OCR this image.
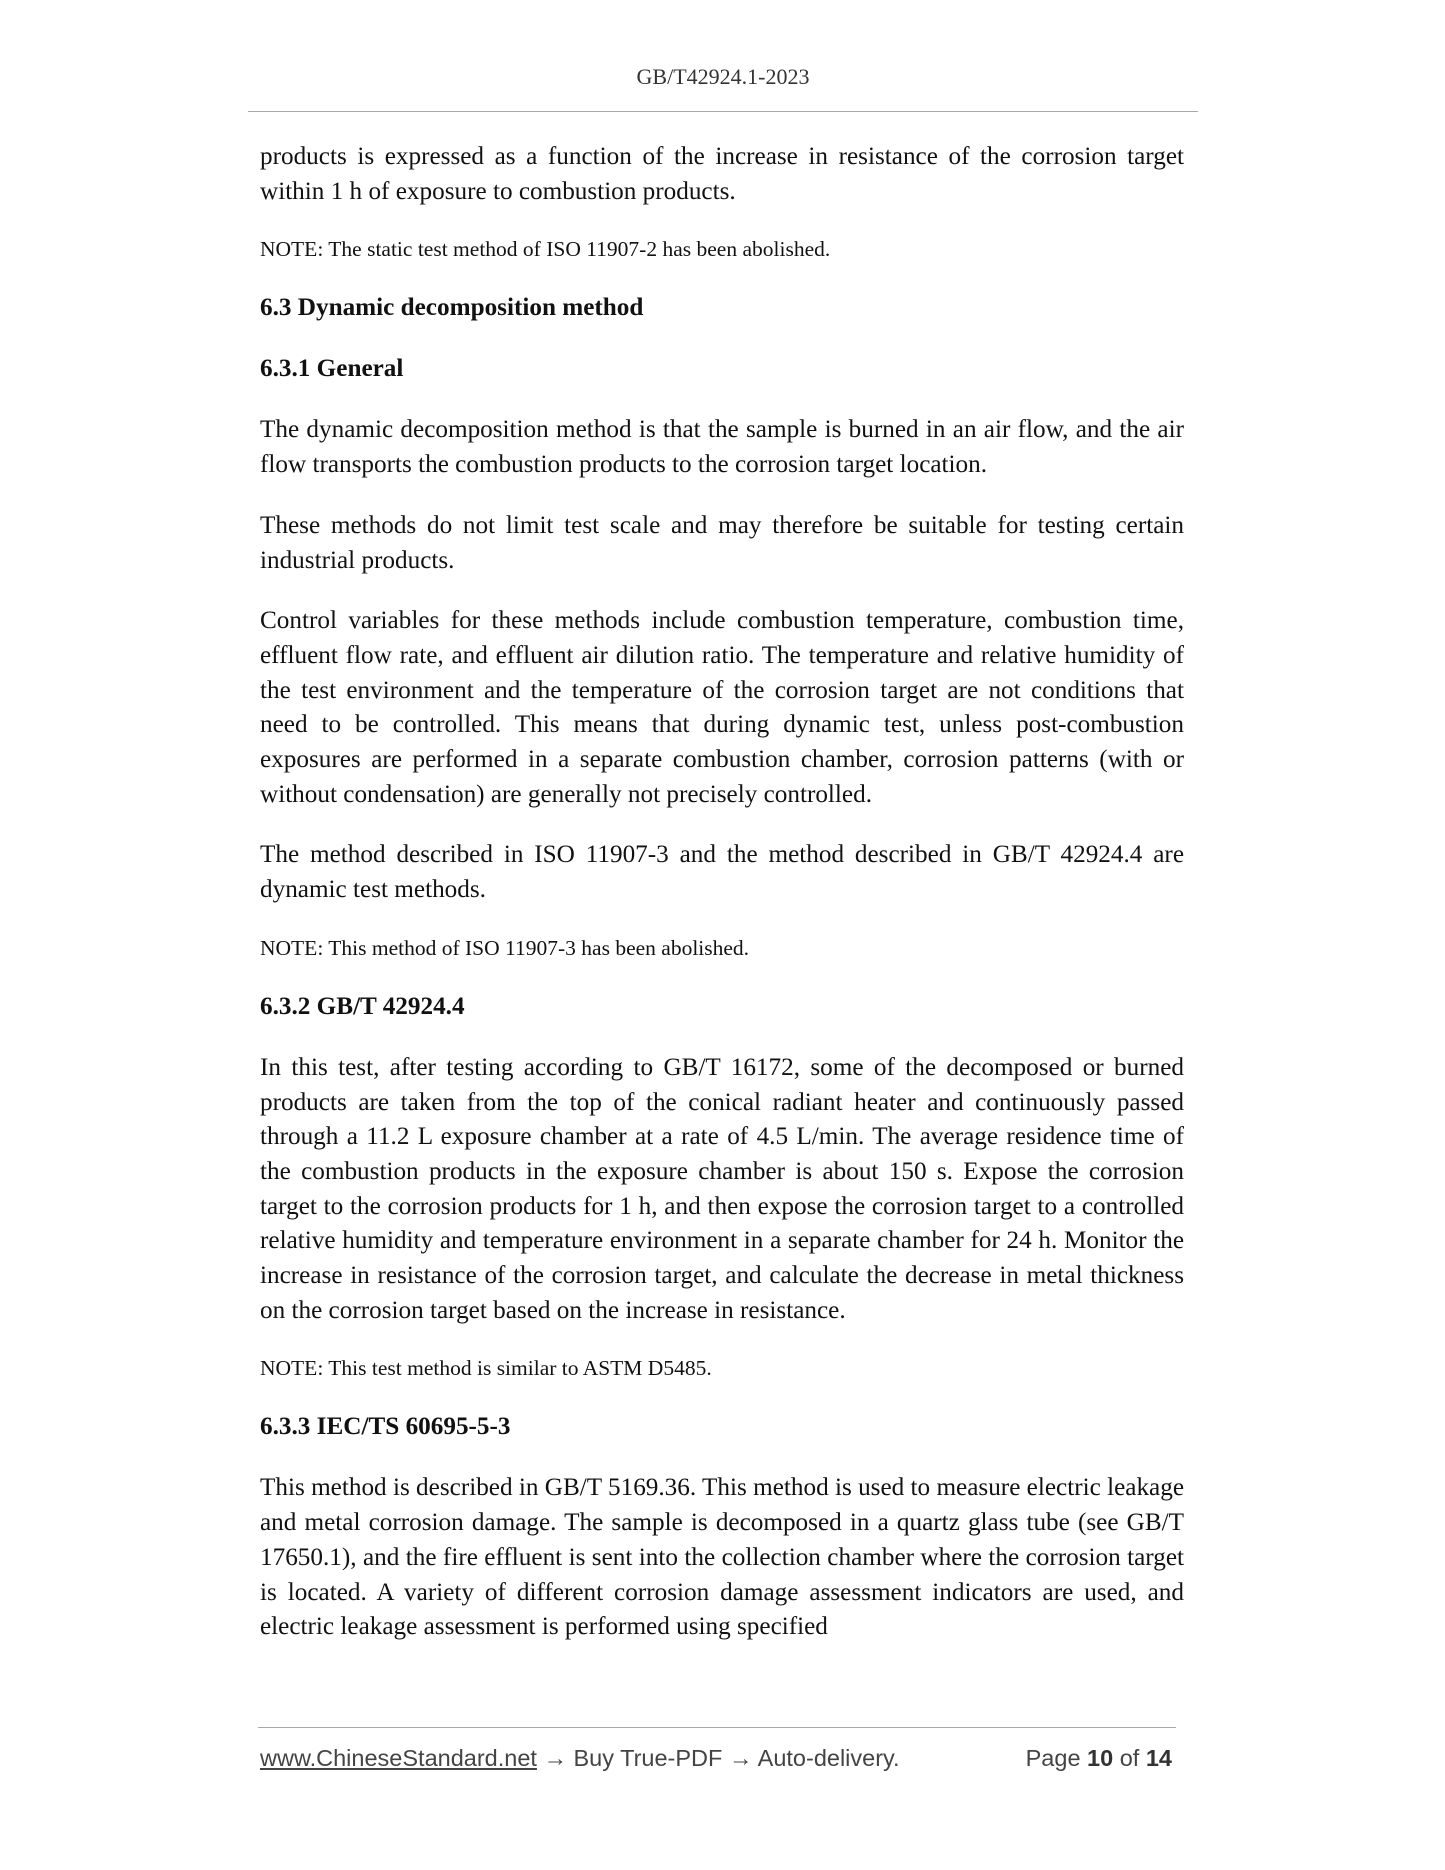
GB/T42924.1-2023

products is expressed as a function of the increase in resistance of the corrosion target within 1 h of exposure to combustion products.

NOTE: The static test method of ISO 11907-2 has been abolished.

6.3 Dynamic decomposition method
6.3.1 General

The dynamic decomposition method is that the sample is burned in an air flow, and the air flow transports the combustion products to the corrosion target location.

These methods do not limit test scale and may therefore be suitable for testing certain industrial products.

Control variables for these methods include combustion temperature, combustion time, effluent flow rate, and effluent air dilution ratio. The temperature and relative humidity of the test environment and the temperature of the corrosion target are not conditions that need to be controlled. This means that during dynamic test, unless post-combustion exposures are performed in a separate combustion chamber, corrosion patterns (with or without condensation) are generally not precisely controlled.

The method described in ISO 11907-3 and the method described in GB/T 42924.4 are dynamic test methods.

NOTE: This method of ISO 11907-3 has been abolished.

6.3.2 GB/T 42924.4

In this test, after testing according to GB/T 16172, some of the decomposed or burned products are taken from the top of the conical radiant heater and continuously passed through a 11.2 L exposure chamber at a rate of 4.5 L/min. The average residence time of the combustion products in the exposure chamber is about 150 s. Expose the corrosion target to the corrosion products for 1 h, and then expose the corrosion target to a controlled relative humidity and temperature environment in a separate chamber for 24 h. Monitor the increase in resistance of the corrosion target, and calculate the decrease in metal thickness on the corrosion target based on the increase in resistance.

NOTE: This test method is similar to ASTM D5485.

6.3.3 IEC/TS 60695-5-3

This method is described in GB/T 5169.36. This method is used to measure electric leakage and metal corrosion damage. The sample is decomposed in a quartz glass tube (see GB/T 17650.1), and the fire effluent is sent into the collection chamber where the corrosion target is located. A variety of different corrosion damage assessment indicators are used, and electric leakage assessment is performed using specified

www.ChineseStandard.net → Buy True-PDF → Auto-delivery.	Page 10 of 14
